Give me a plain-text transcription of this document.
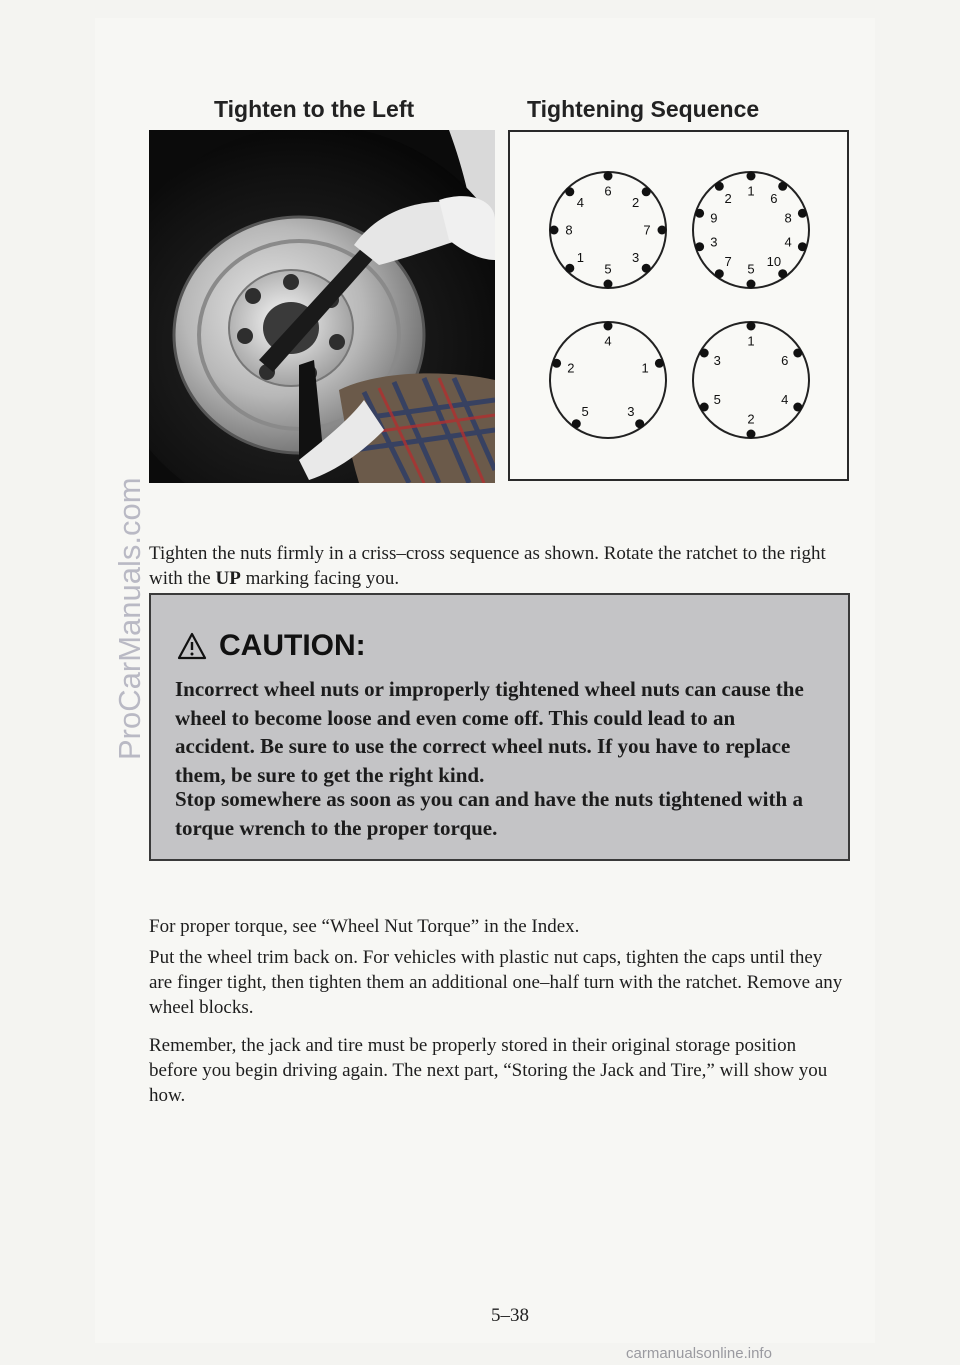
ProCarManuals.com
Tighten to the Left	Tightening Sequence
4
6
2
8	7
1
5
3
9
1 6
8
3	4
7	10
5
2
4
2	1
5	3
1
3	6
5	4
2

Tighten the nuts firmly in a criss–cross sequence as shown. Rotate the ratchet to the right with the UP marking facing you.

CAUTION:
Incorrect wheel nuts or improperly tightened wheel nuts can cause the wheel to become loose and even come off. This could lead to an accident. Be sure to use the correct wheel nuts. If you have to replace them, be sure to get the right kind.
Stop somewhere as soon as you can and have the nuts tightened with a torque wrench to the proper torque.

For proper torque, see “Wheel Nut Torque” in the Index.

Put the wheel trim back on. For vehicles with plastic nut caps, tighten the caps until they are finger tight, then tighten them an additional one–half turn with the ratchet. Remove any wheel blocks.

Remember, the jack and tire must be properly stored in their original storage position before you begin driving again. The next part, “Storing the Jack and Tire,” will show you how.

5–38
carmanualsonline.info
